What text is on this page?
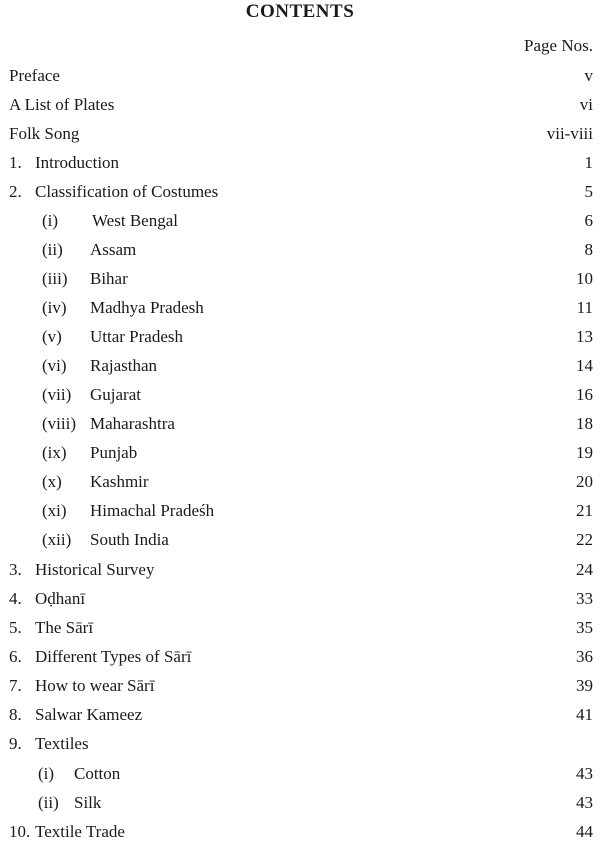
CONTENTS
Page Nos.
Preface	v
A List of Plates	vi
Folk Song	vii-viii
1. Introduction	1
2. Classification of Costumes	5
(i) West Bengal	6
(ii) Assam	8
(iii) Bihar	10
(iv) Madhya Pradesh	11
(v) Uttar Pradesh	13
(vi) Rajasthan	14
(vii) Gujarat	16
(viii) Maharashtra	18
(ix) Punjab	19
(x) Kashmir	20
(xi) Himachal Pradeśh	21
(xii) South India	22
3. Historical Survey	24
4. Oḍhanī	33
5. The Sārī	35
6. Different Types of Sārī	36
7. How to wear Sārī	39
8. Salwar Kameez	41
9. Textiles
(i) Cotton	43
(ii) Silk	43
10. Textile Trade	44
